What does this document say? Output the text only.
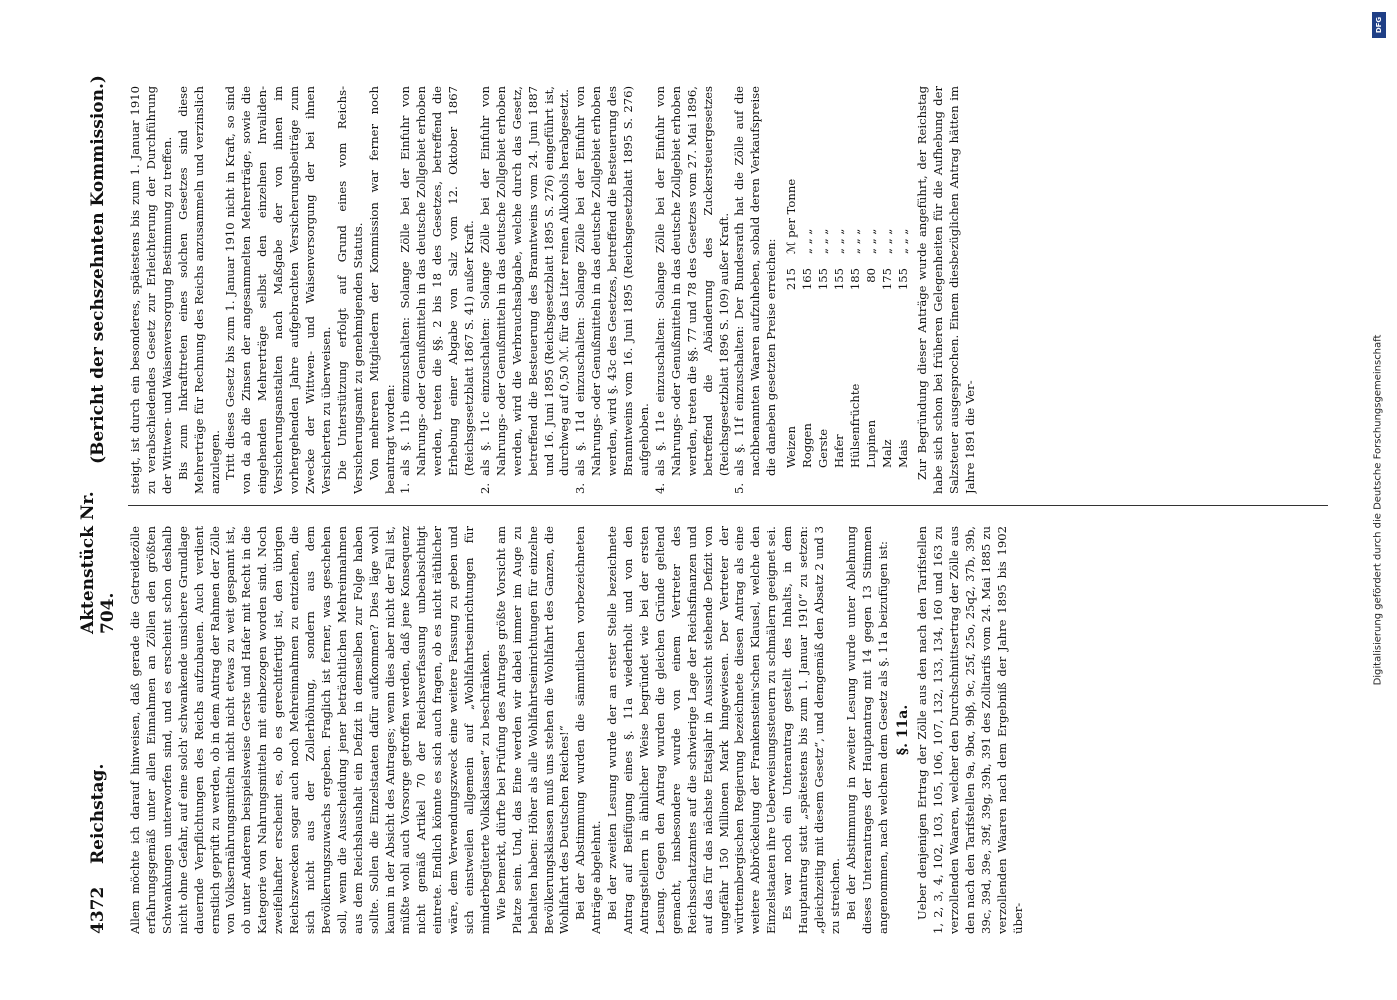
4372
Reichstag.
Aktenstück Nr. 704.
(Bericht der sechszehnten Kommission.)

Allem möchte ich darauf hinweisen, daß gerade die Getreidezölle erfahrungsgemäß unter allen Einnahmen an Zöllen den größten Schwankungen unterworfen sind, und es erscheint schon deshalb nicht ohne Gefahr, auf eine solch' schwankende unsichere Grundlage dauernde Verpflichtungen des Reichs aufzubauen. Auch verdient ernstlich geprüft zu werden, ob in dem Antrag der Rahmen der Zölle von Volksernährungsmitteln nicht nicht etwas zu weit gespannt ist, ob unter Anderem beispielsweise Gerste und Hafer mit Recht in die Kategorie von Nahrungsmitteln mit einbezogen worden sind. Noch zweifelhafter erscheint es, ob es gerechtfertigt ist, den übrigen Reichszwecken sogar auch noch Mehreinnahmen zu entziehen, die sich nicht aus der Zollerhöhung, sondern aus dem Bevölkerungszuwachs ergeben. Fraglich ist ferner, was geschehen soll, wenn die Ausscheidung jener beträchtlichen Mehreinnahmen aus dem Reichshaushalt ein Defizit in demselben zur Folge haben sollte. Sollen die Einzelstaaten dafür aufkommen? Dies läge wohl kaum in der Absicht des Antrages; wenn dies aber nicht der Fall ist, müßte wohl auch Vorsorge getroffen werden, daß jene Konsequenz nicht gemäß Artikel 70 der Reichsverfassung unbeabsichtigt eintrete. Endlich könnte es sich auch fragen, ob es nicht räthlicher wäre, dem Verwendungszweck eine weitere Fassung zu geben und sich einstweilen allgemein auf „Wohlfahrtseinrichtungen für minderbegüterte Volksklassen“ zu beschränken. Wie bemerkt, dürfte bei Prüfung des Antrages größte Vorsicht am Platze sein. Und, das Eine werden wir dabei immer im Auge zu behalten haben: Höher als alle Wohlfahrtseinrichtungen für einzelne Bevölkerungsklassen muß uns stehen die Wohlfahrt des Ganzen, die Wohlfahrt des Deutschen Reiches!“ Bei der Abstimmung wurden die sämmtlichen vorbezeichneten Anträge abgelehnt. Bei der zweiten Lesung wurde der an erster Stelle bezeichnete Antrag auf Beifügung eines §. 11a wiederholt und von den Antragstellern in ähnlicher Weise begründet wie bei der ersten Lesung. Gegen den Antrag wurden die gleichen Gründe geltend gemacht, insbesondere wurde von einem Vertreter des Reichsschatzamtes auf die schwierige Lage der Reichsfinanzen und auf das für das nächste Etatsjahr in Aussicht stehende Defizit von ungefähr 150 Millionen Mark hingewiesen. Der Vertreter der württembergischen Regierung bezeichnete diesen Antrag als eine weitere Abbröckelung der Frankenstein'schen Klausel, welche den Einzelstaaten ihre Ueberweisungssteuern zu schmälern geeignet sei. Es war noch ein Unterantrag gestellt des Inhalts, in dem Hauptantrag statt „spätestens bis zum 1. Januar 1910“ zu setzen: „gleichzeitig mit diesem Gesetz“, und demgemäß den Absatz 2 und 3 zu streichen. Bei der Abstimmung in zweiter Lesung wurde unter Ablehnung dieses Unterantrages der Hauptantrag mit 14 gegen 13 Stimmen angenommen, nach welchem dem Gesetz als §. 11a beizufügen ist: §. 11a. Ueber denjenigen Ertrag der Zölle aus den nach den Tarifstellen 1, 2, 3, 4, 102, 103, 105, 106, 107, 132, 133, 134, 160 und 163 zu verzollenden Waaren, welcher den Durchschnittsertrag der Zölle aus den nach den Tarifstellen 9a, 9bα, 9bβ, 9c, 25f, 25o, 25q2, 37b, 39b, 39c, 39d, 39e, 39f, 39g, 39h, 391 des Zolltarifs vom 24. Mai 1885 zu verzollenden Waaren nach dem Ergebniß der Jahre 1895 bis 1902 über-

steigt, ist durch ein besonderes, spätestens bis zum 1. Januar 1910 zu verabschiedendes Gesetz zur Erleichterung der Durchführung der Wittwen- und Waisenversorgung Bestimmung zu treffen. Bis zum Inkrafttreten eines solchen Gesetzes sind diese Mehrerträge für Rechnung des Reichs anzusammeln und verzinslich anzulegen. Tritt dieses Gesetz bis zum 1. Januar 1910 nicht in Kraft, so sind von da ab die Zinsen der angesammelten Mehrerträge, sowie die eingehenden Mehrerträge selbst den einzelnen Invaliden-Versicherungsanstalten nach Maßgabe der von ihnen im vorhergehenden Jahre aufgebrachten Versicherungsbeiträge zum Zwecke der Wittwen- und Waisenversorgung der bei ihnen Versicherten zu überweisen. Die Unterstützung erfolgt auf Grund eines vom Reichs-Versicherungsamt zu genehmigenden Statuts. Von mehreren Mitgliedern der Kommission war ferner noch beantragt worden: 1.als §. 11b einzuschalten: Solange Zölle bei der Einfuhr von Nahrungs- oder Genußmitteln in das deutsche Zollgebiet erhoben werden, treten die §§. 2 bis 18 des Gesetzes, betreffend die Erhebung einer Abgabe von Salz vom 12. Oktober 1867 (Reichsgesetzblatt 1867 S. 41) außer Kraft.
2.als §. 11c einzuschalten: Solange Zölle bei der Einfuhr von Nahrungs- oder Genußmitteln in das deutsche Zollgebiet erhoben werden, wird die Verbrauchsabgabe, welche durch das Gesetz, betreffend die Besteuerung des Branntweins vom 24. Juni 1887 und 16. Juni 1895 (Reichsgesetzblatt 1895 S. 276) eingeführt ist, durchweg auf 0,50 ℳ. für das Liter reinen Alkohols herabgesetzt.
3.als §. 11d einzuschalten: Solange Zölle bei der Einfuhr von Nahrungs- oder Genußmitteln in das deutsche Zollgebiet erhoben werden, wird §. 43c des Gesetzes, betreffend die Besteuerung des Branntweins vom 16. Juni 1895 (Reichsgesetzblatt 1895 S. 276) aufgehoben.
4.als §. 11e einzuschalten: Solange Zölle bei der Einfuhr von Nahrungs- oder Genußmitteln in das deutsche Zollgebiet erhoben werden, treten die §§. 77 und 78 des Gesetzes vom 27. Mai 1896, betreffend die Abänderung des Zuckersteuergesetzes (Reichsgesetzblatt 1896 S. 109) außer Kraft.
5.als §. 11f einzuschalten: Der Bundesrath hat die Zölle auf die nachbenannten Waaren aufzuheben, sobald deren Verkaufspreise die daneben gesetzten Preise erreichen: Weizen
215
ℳ per Tonne
Roggen
165
„ „ „
Gerste
155
„ „ „
Hafer
155
„ „ „
Hülsenfrüchte
185
„ „ „
Lupinen
80
„ „ „
Malz
175
„ „ „
Mais
155
„ „ „ Zur Begründung dieser Anträge wurde angeführt, der Reichstag habe sich schon bei früheren Gelegenheiten für die Aufhebung der Salzsteuer ausgesprochen. Einem diesbezüglichen Antrag hätten im Jahre 1891 die Ver-

DFG
Digitalisierung gefördert durch die Deutsche Forschungsgemeinschaft
